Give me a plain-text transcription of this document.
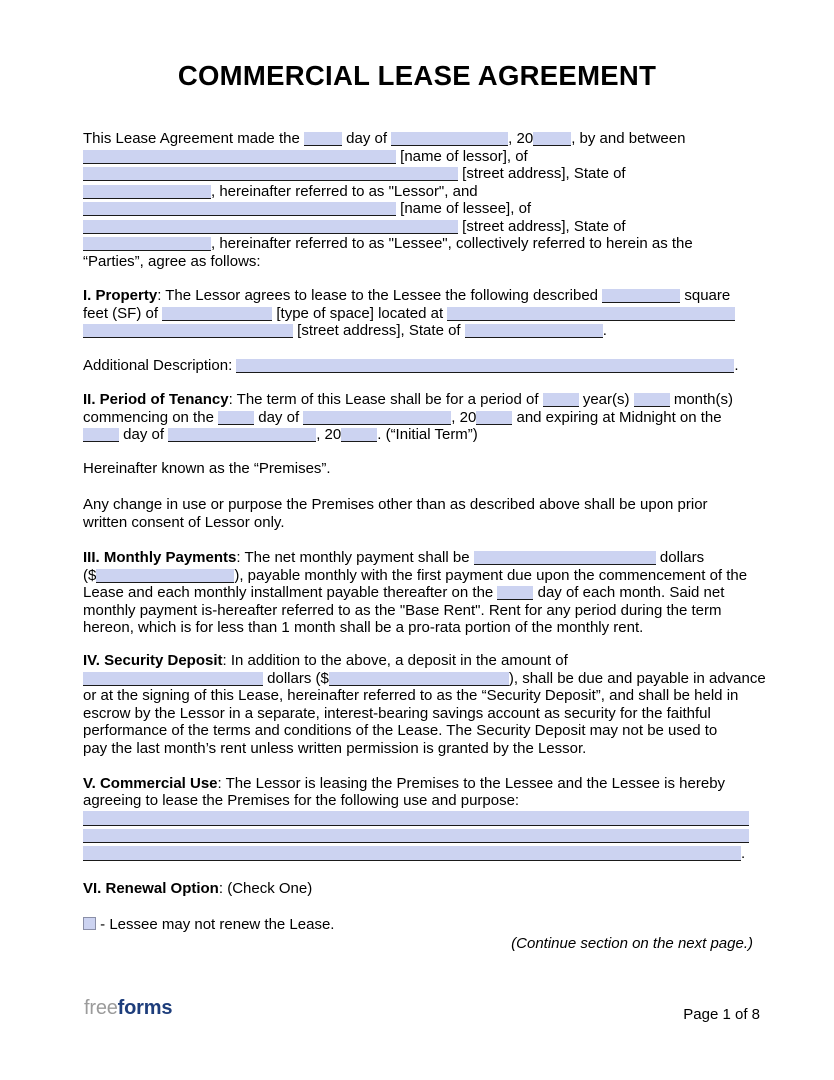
COMMERCIAL LEASE AGREEMENT
This Lease Agreement made the	day of	, 20	, by and between
[name of lessor], of
[street address], State of
, hereinafter referred to as "Lessor", and
[name of lessee], of
[street address], State of
, hereinafter referred to as "Lessee", collectively referred to herein as the
“Parties”, agree as follows:
I. Property: The Lessor agrees to lease to the Lessee the following described	square
feet (SF) of	[type of space] located at
[street address], State of	.
Additional Description:	.
II. Period of Tenancy: The term of this Lease shall be for a period of  year(s)  month(s)
commencing on the  day of	, 20 and expiring at Midnight on the
day of	, 20 . (“Initial Term”)
Hereinafter known as the “Premises”.
Any change in use or purpose the Premises other than as described above shall be upon prior
written consent of Lessor only.
III. Monthly Payments: The net monthly payment shall be	dollars
($	), payable monthly with the first payment due upon the commencement of the
Lease and each monthly installment payable thereafter on the  day of each month. Said net
monthly payment is-hereafter referred to as the "Base Rent". Rent for any period during the term
hereon, which is for less than 1 month shall be a pro-rata portion of the monthly rent.
IV. Security Deposit: In addition to the above, a deposit in the amount of
dollars ($	), shall be due and payable in advance
or at the signing of this Lease, hereinafter referred to as the “Security Deposit”, and shall be held in
escrow by the Lessor in a separate, interest-bearing savings account as security for the faithful
performance of the terms and conditions of the Lease. The Security Deposit may not be used to
pay the last month’s rent unless written permission is granted by the Lessor.
V. Commercial Use: The Lessor is leasing the Premises to the Lessee and the Lessee is hereby
agreeing to lease the Premises for the following use and purpose:
.
VI. Renewal Option: (Check One)
- Lessee may not renew the Lease.
(Continue section on the next page.)
freeforms	Page 1 of 8
